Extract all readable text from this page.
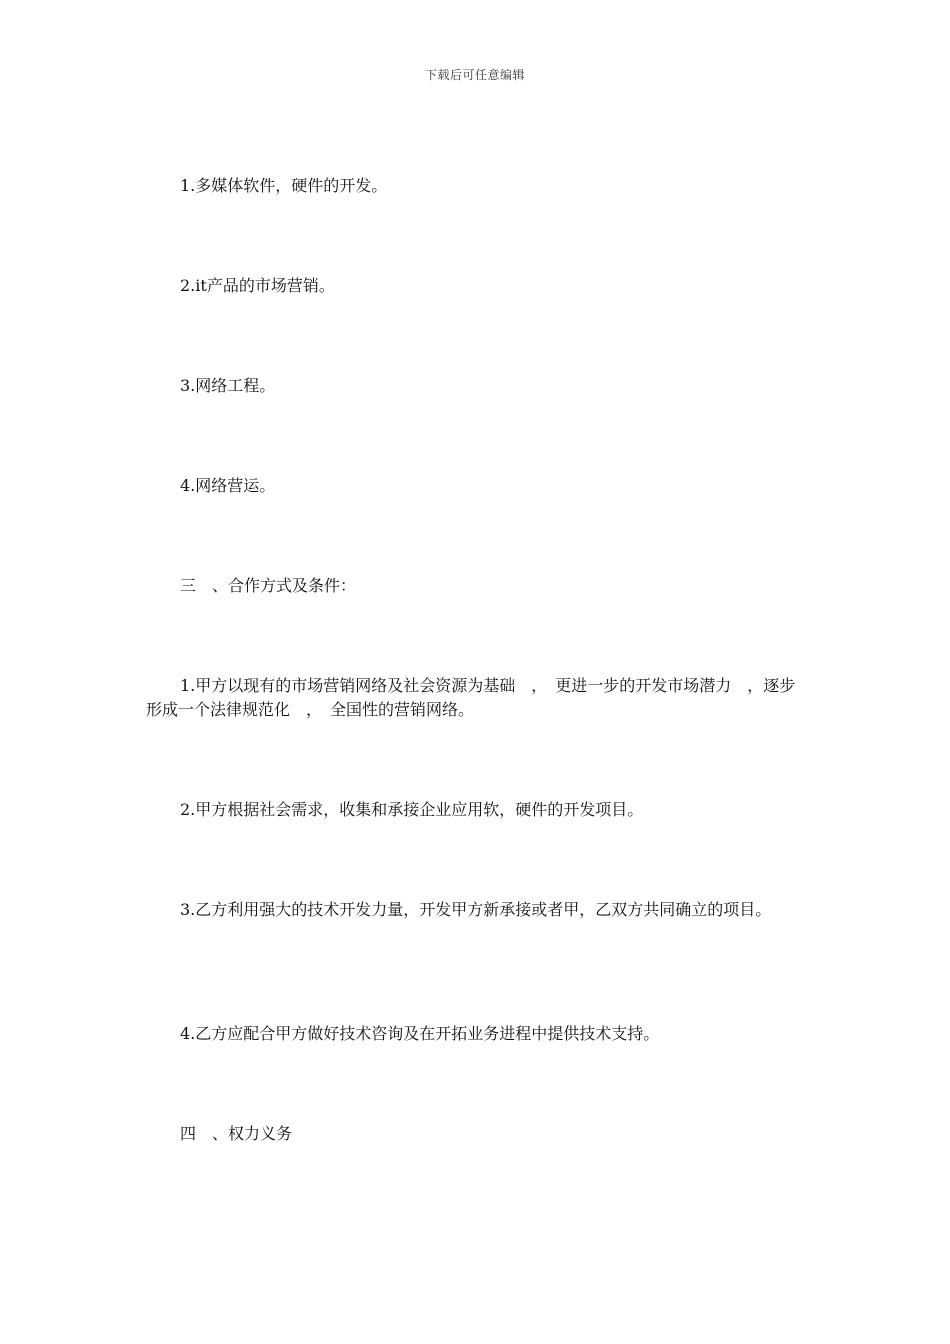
下载后可任意编辑
1.多媒体软件，硬件的开发。
2.it产品的市场营销。
3.网络工程。
4.网络营运。
三　、合作方式及条件：
1.甲方以现有的市场营销网络及社会资源为基础　，　更进一步的开发市场潜力　，逐步形成一个法律规范化　，　全国性的营销网络。
2.甲方根据社会需求，收集和承接企业应用软，硬件的开发项目。
3.乙方利用强大的技术开发力量，开发甲方新承接或者甲，乙双方共同确立的项目。
4.乙方应配合甲方做好技术咨询及在开拓业务进程中提供技术支持。
四　、权力义务
